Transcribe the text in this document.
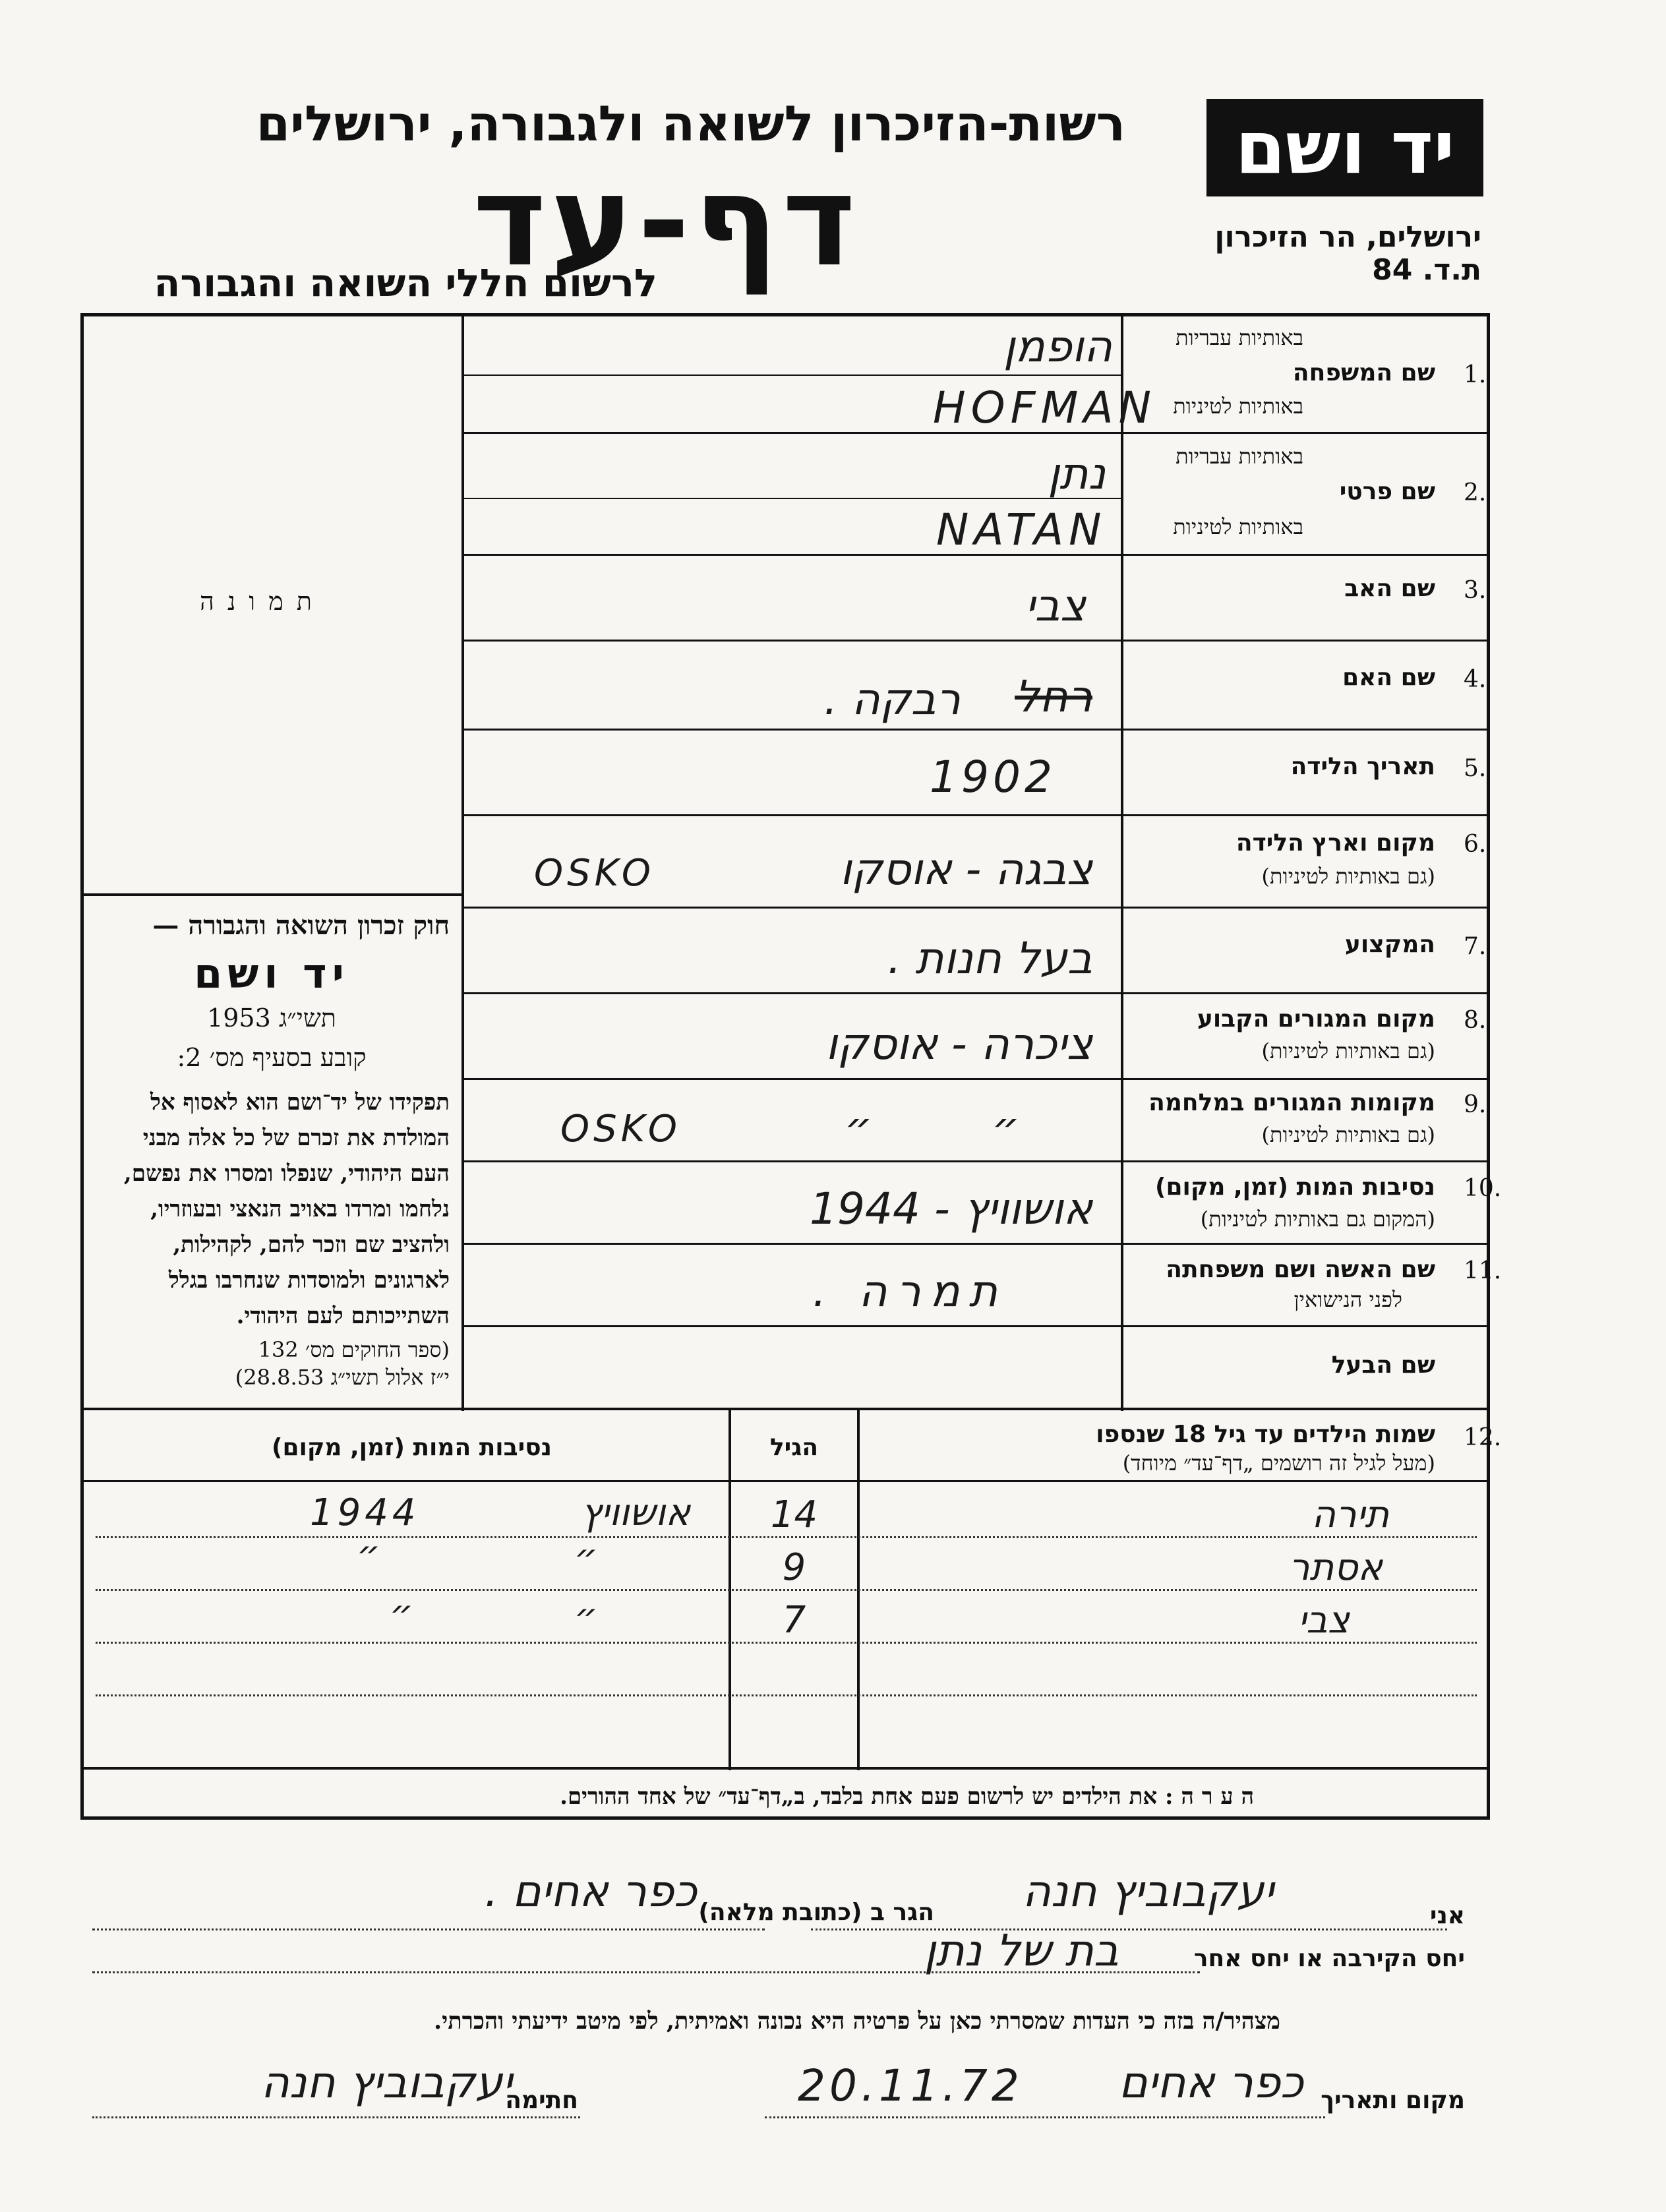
רשות-הזיכרון לשואה ולגבורה, ירושלים
דף-עד
לרשום חללי השואה והגבורה
יד ושם
ירושלים, הר הזיכרון
ת.ד. 84
ת מ ו נ ה
חוק זכרון השואה והגבורה —
יד ושם
תשי״ג 1953
קובע בסעיף מס׳ 2:
תפקידו של יד־ושם הוא לאסוף אל
המולדת את זכרם של כל אלה מבני
העם היהודי, שנפלו ומסרו את נפשם,
נלחמו ומרדו באויב הנאצי ובעוזריו,
ולהציב שם וזכר להם, לקהילות,
לארגונים ולמוסדות שנחרבו בגלל
השתייכותם לעם היהודי.
(ספר החוקים מס׳ 132
י״ז אלול תשי״ג 28.8.53)
1.
באותיות עבריות
שם המשפחה
באותיות לטיניות
הופמן
HOFMAN
2.
באותיות עבריות
שם פרטי
באותיות לטיניות
נתן
NATAN
3.
שם האב
צבי
4.
שם האם
רחל
רבקה .
5.
תאריך הלידה
1902
6.
מקום וארץ הלידה
(גם באותיות לטיניות)
צבגה - אוסקו
OSKO
7.
המקצוע
בעל חנות .
8.
מקום המגורים הקבוע
(גם באותיות לטיניות)
ציכרה - אוסקו
9.
מקומות המגורים במלחמה
(גם באותיות לטיניות)
״ ״
OSKO
10.
נסיבות המות (זמן, מקום)
(המקום גם באותיות לטיניות)
אושוויץ - 1944
11.
שם האשה ושם משפחתה
לפני הנישואין
תמרה .
שם הבעל
12.
שמות הילדים עד גיל 18 שנספו
(מעל לגיל זה רושמים „דף־עד״ מיוחד)
הגיל
נסיבות המות (זמן, מקום)
תירה
14
אושוויץ
1944
אסתר
9
״
״
צבי
7
״
״
ה ע ר ה : את הילדים יש לרשום פעם אחת בלבד, ב„דף־עד״ של אחד ההורים.
אני
יעקבוביץ חנה
הגר ב (כתובת מלאה)
כפר אחים .
יחס הקירבה או יחס אחר
בת של נתן
מצהיר/ה בזה כי העדות שמסרתי כאן על פרטיה היא נכונה ואמיתית, לפי מיטב ידיעתי והכרתי.
מקום ותאריך
כפר אחים
20.11.72
חתימה
יעקבוביץ חנה
